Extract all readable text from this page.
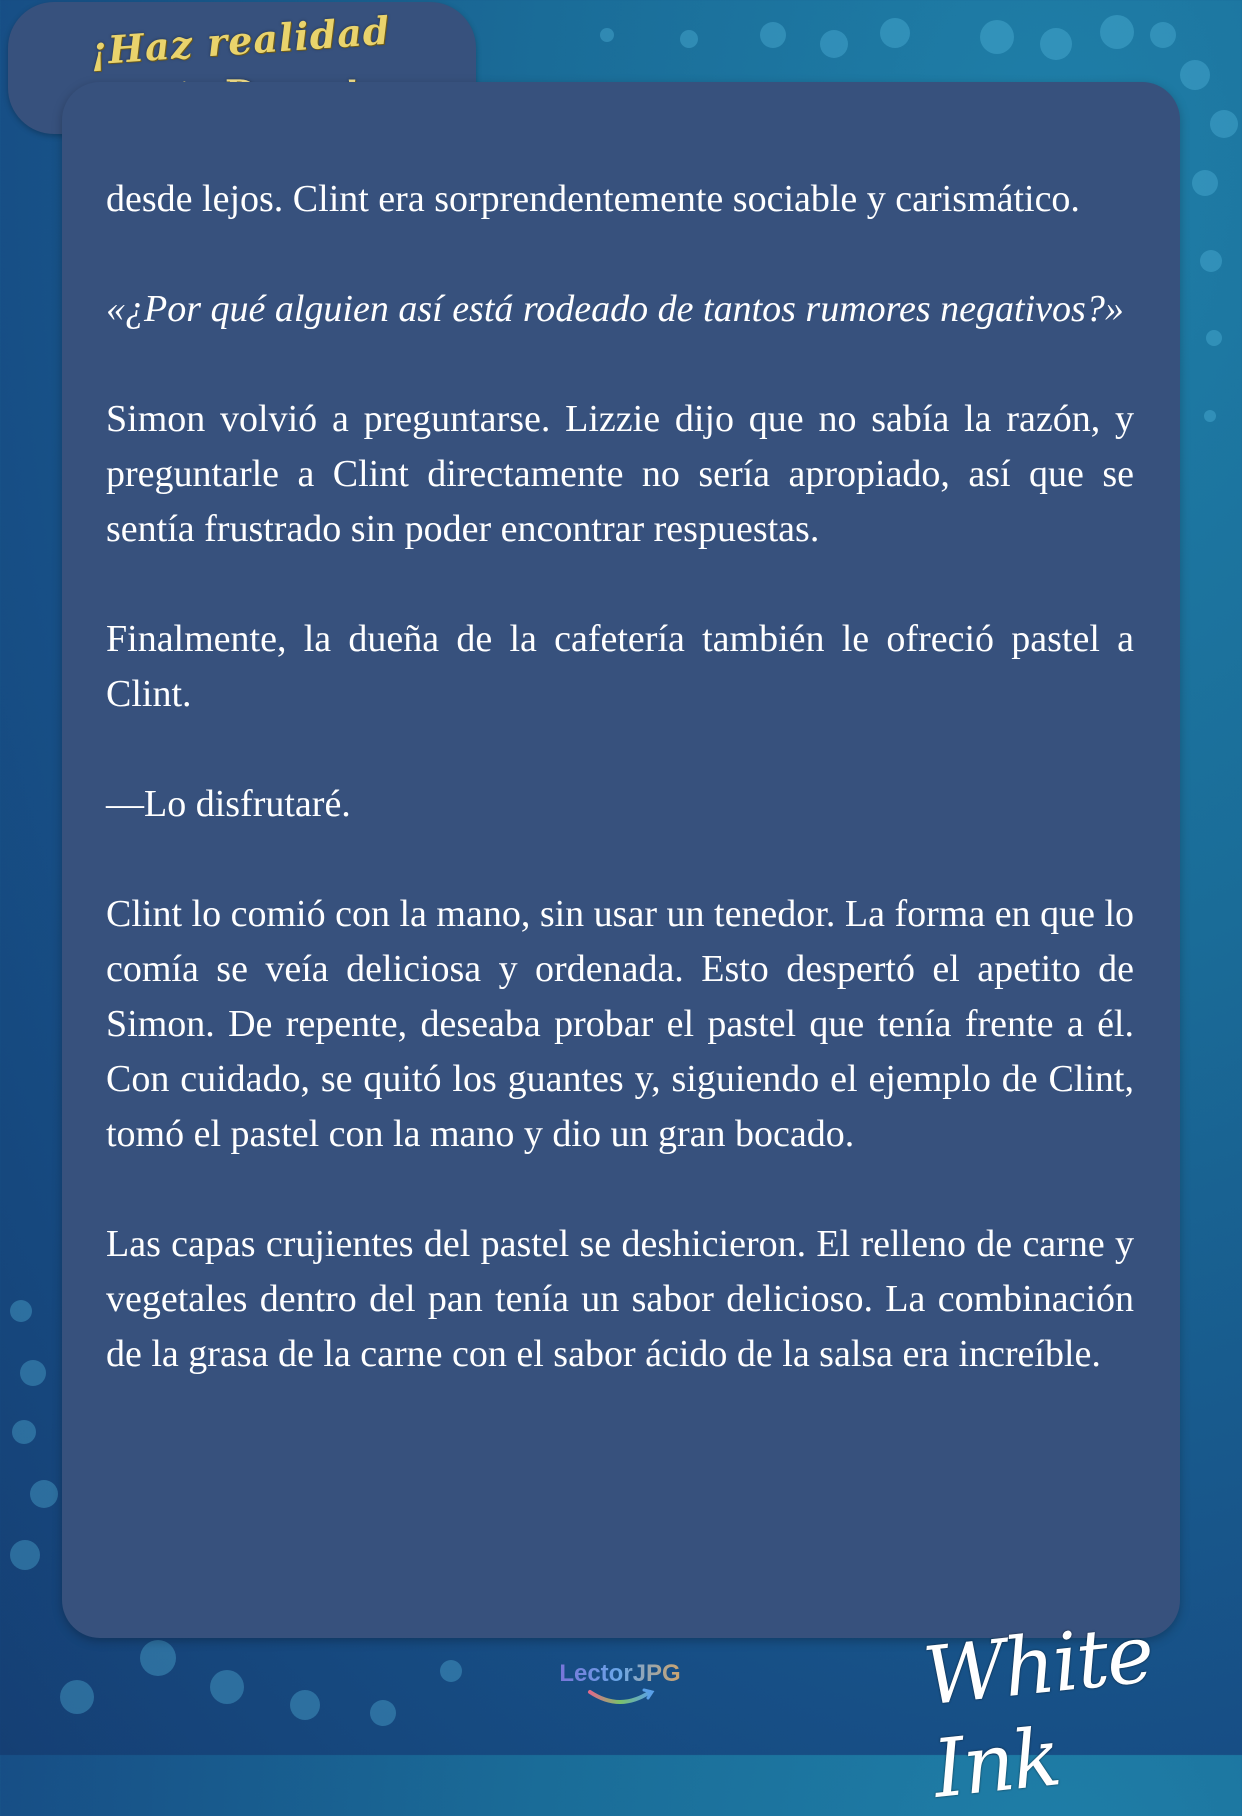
¡Haz realidad

desde lejos. Clint era sorprendentemente sociable y carismático.

«¿Por qué alguien así está rodeado de tantos rumores negativos?»

Simon volvió a preguntarse. Lizzie dijo que no sabía la razón, y preguntarle a Clint directamente no sería apropiado, así que se sentía frustrado sin poder encontrar respuestas.

Finalmente, la dueña de la cafetería también le ofreció pastel a Clint.

—Lo disfrutaré.

Clint lo comió con la mano, sin usar un tenedor. La forma en que lo comía se veía deliciosa y ordenada. Esto despertó el apetito de Simon. De repente, deseaba probar el pastel que tenía frente a él. Con cuidado, se quitó los guantes y, siguiendo el ejemplo de Clint, tomó el pastel con la mano y dio un gran bocado.

Las capas crujientes del pastel se deshicieron. El relleno de carne y vegetales dentro del pan tenía un sabor delicioso. La combinación de la grasa de la carne con el sabor ácido de la salsa era increíble.

LectorJPG	White Ink
